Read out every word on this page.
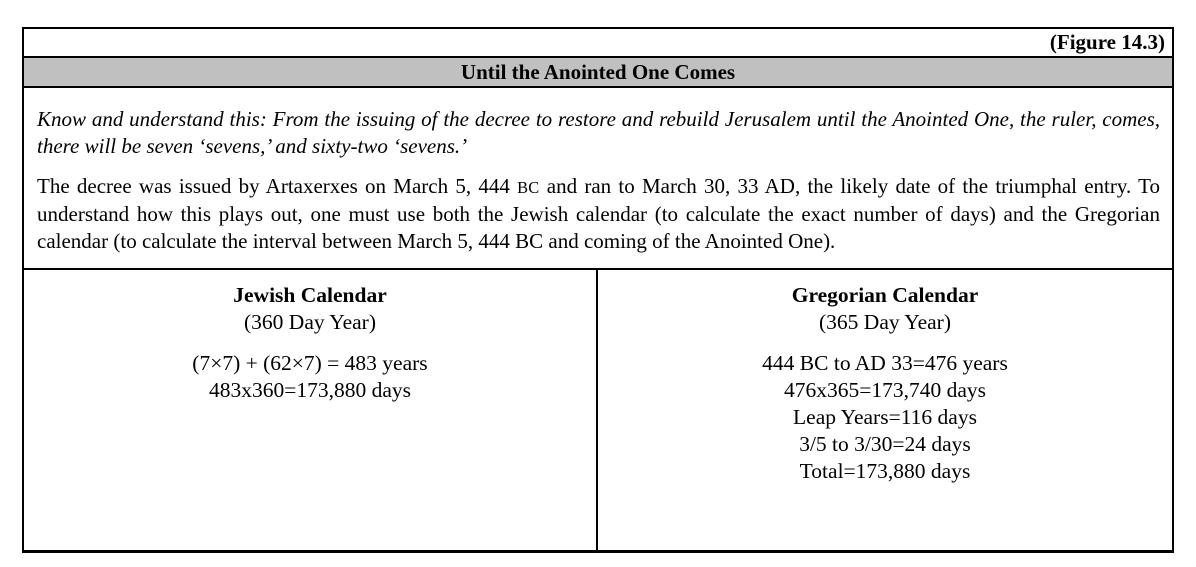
(Figure 14.3)
Until the Anointed One Comes

Know and understand this: From the issuing of the decree to restore and rebuild Jerusalem until the Anointed One, the ruler, comes, there will be seven ‘sevens,’ and sixty-two ‘sevens.’

The decree was issued by Artaxerxes on March 5, 444 BC and ran to March 30, 33 AD, the likely date of the triumphal entry. To understand how this plays out, one must use both the Jewish calendar (to calculate the exact number of days) and the Gregorian calendar (to calculate the interval between March 5, 444 BC and coming of the Anointed One).

Jewish Calendar
(360 Day Year)
(7×7) + (62×7) = 483 years
483x360=173,880 days
Gregorian Calendar
(365 Day Year)
444 BC to AD 33=476 years
476x365=173,740 days
Leap Years=116 days
3/5 to 3/30=24 days
Total=173,880 days
